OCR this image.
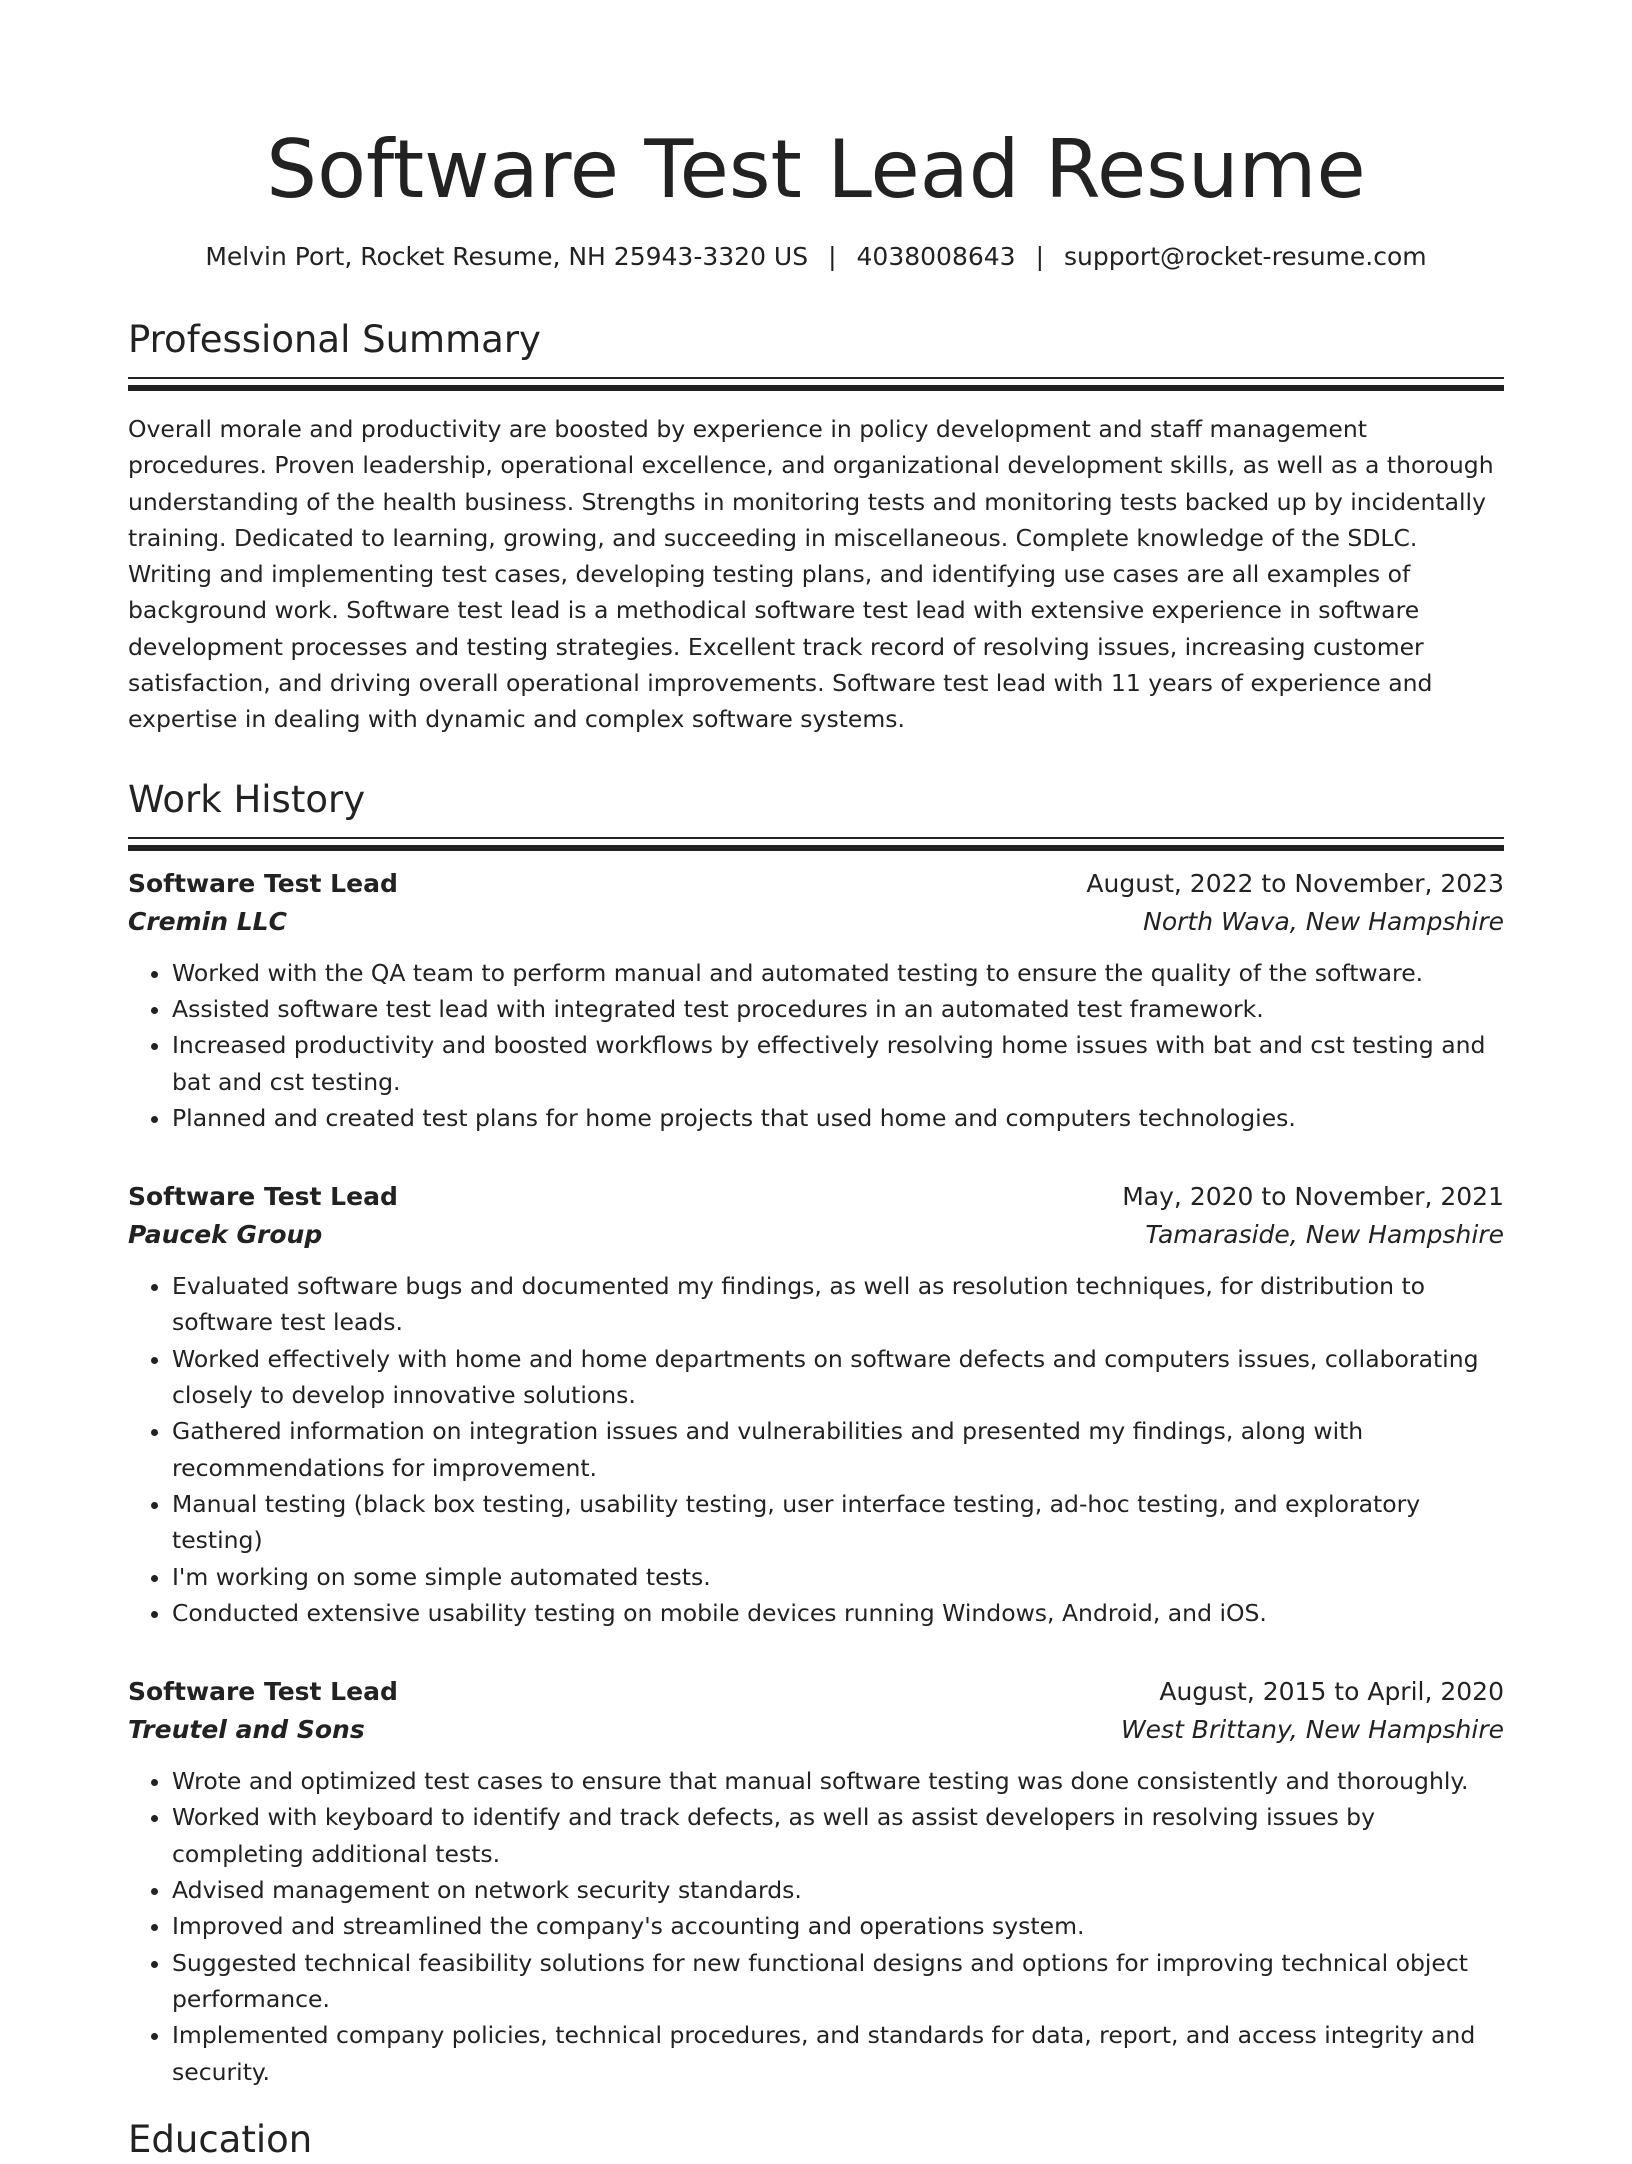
Software Test Lead Resume
Melvin Port, Rocket Resume, NH 25943-3320 US | 4038008643 | support@rocket-resume.com
Professional Summary

Overall morale and productivity are boosted by experience in policy development and staff management procedures. Proven leadership, operational excellence, and organizational development skills, as well as a thorough understanding of the health business. Strengths in monitoring tests and monitoring tests backed up by incidentally training. Dedicated to learning, growing, and succeeding in miscellaneous. Complete knowledge of the SDLC. Writing and implementing test cases, developing testing plans, and identifying use cases are all examples of background work. Software test lead is a methodical software test lead with extensive experience in software development processes and testing strategies. Excellent track record of resolving issues, increasing customer satisfaction, and driving overall operational improvements. Software test lead with 11 years of experience and expertise in dealing with dynamic and complex software systems.

Work History
Software Test Lead	August, 2022 to November, 2023
Cremin LLC	North Wava, New Hampshire
• Worked with the QA team to perform manual and automated testing to ensure the quality of the software.
• Assisted software test lead with integrated test procedures in an automated test framework.
• Increased productivity and boosted workflows by effectively resolving home issues with bat and cst testing and bat and cst testing.
• Planned and created test plans for home projects that used home and computers technologies.
Software Test Lead	May, 2020 to November, 2021
Paucek Group	Tamaraside, New Hampshire
• Evaluated software bugs and documented my findings, as well as resolution techniques, for distribution to software test leads.
• Worked effectively with home and home departments on software defects and computers issues, collaborating closely to develop innovative solutions.
• Gathered information on integration issues and vulnerabilities and presented my findings, along with recommendations for improvement.
• Manual testing (black box testing, usability testing, user interface testing, ad-hoc testing, and exploratory testing)
• I'm working on some simple automated tests.
• Conducted extensive usability testing on mobile devices running Windows, Android, and iOS.
Software Test Lead	August, 2015 to April, 2020
Treutel and Sons	West Brittany, New Hampshire
• Wrote and optimized test cases to ensure that manual software testing was done consistently and thoroughly.
• Worked with keyboard to identify and track defects, as well as assist developers in resolving issues by completing additional tests.
• Advised management on network security standards.
• Improved and streamlined the company's accounting and operations system.
• Suggested technical feasibility solutions for new functional designs and options for improving technical object performance.
• Implemented company policies, technical procedures, and standards for data, report, and access integrity and security.
Education
